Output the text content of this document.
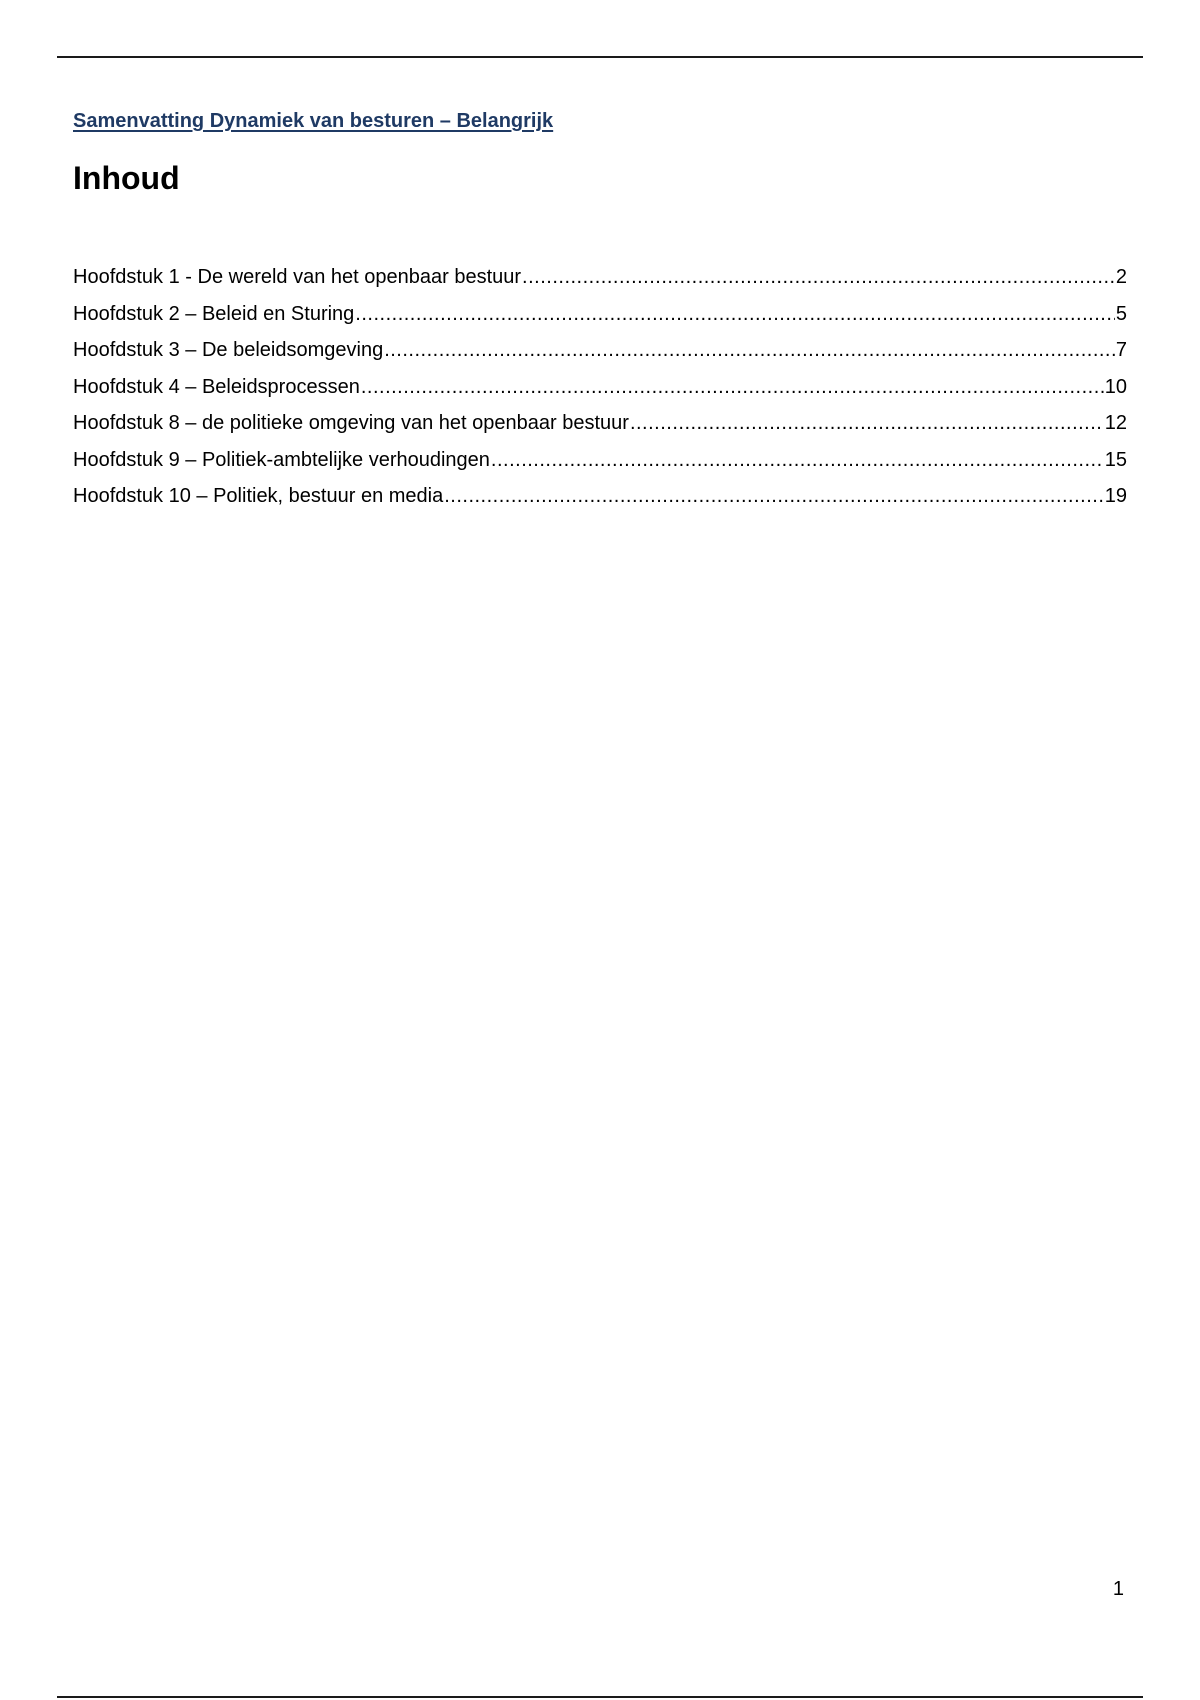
Samenvatting Dynamiek van besturen – Belangrijk
Inhoud
Hoofdstuk 1 - De wereld van het openbaar bestuur .....	2
Hoofdstuk 2 – Beleid en Sturing .....	5
Hoofdstuk 3 – De beleidsomgeving .....	7
Hoofdstuk 4 – Beleidsprocessen .....	10
Hoofdstuk 8 – de politieke omgeving van het openbaar bestuur .....	12
Hoofdstuk 9 – Politiek-ambtelijke verhoudingen .....	15
Hoofdstuk 10 – Politiek, bestuur en media .....	19
1
